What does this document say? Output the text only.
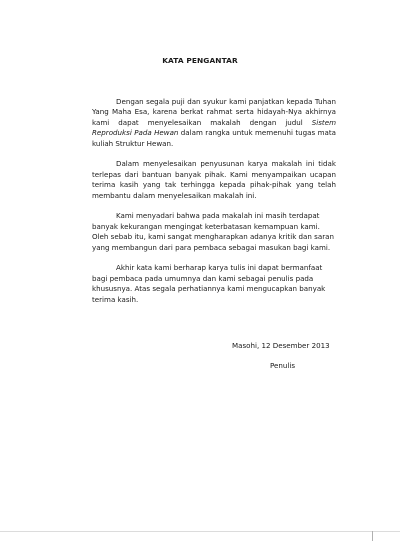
KATA PENGANTAR

Dengan segala puji dan syukur kami panjatkan kepada Tuhan Yang Maha Esa, karena berkat rahmat serta hidayah-Nya akhirnya kami dapat menyelesaikan makalah dengan judul Sistem Reproduksi Pada Hewan dalam rangka untuk memenuhi tugas mata kuliah Struktur Hewan.

Dalam menyelesaikan penyusunan karya makalah ini tidak terlepas dari bantuan banyak pihak. Kami menyampaikan ucapan terima kasih yang tak terhingga kepada pihak-pihak yang telah membantu dalam menyelesaikan makalah ini.

Kami menyadari bahwa pada makalah ini masih terdapat banyak kekurangan mengingat keterbatasan kemampuan kami. Oleh sebab itu, kami sangat mengharapkan adanya kritik dan saran yang membangun dari para pembaca sebagai masukan bagi kami.

Akhir kata kami berharap karya tulis ini dapat bermanfaat bagi pembaca pada umumnya dan kami sebagai penulis pada khususnya. Atas segala perhatiannya kami mengucapkan banyak terima kasih.

Masohi, 12 Desember 2013

Penulis
